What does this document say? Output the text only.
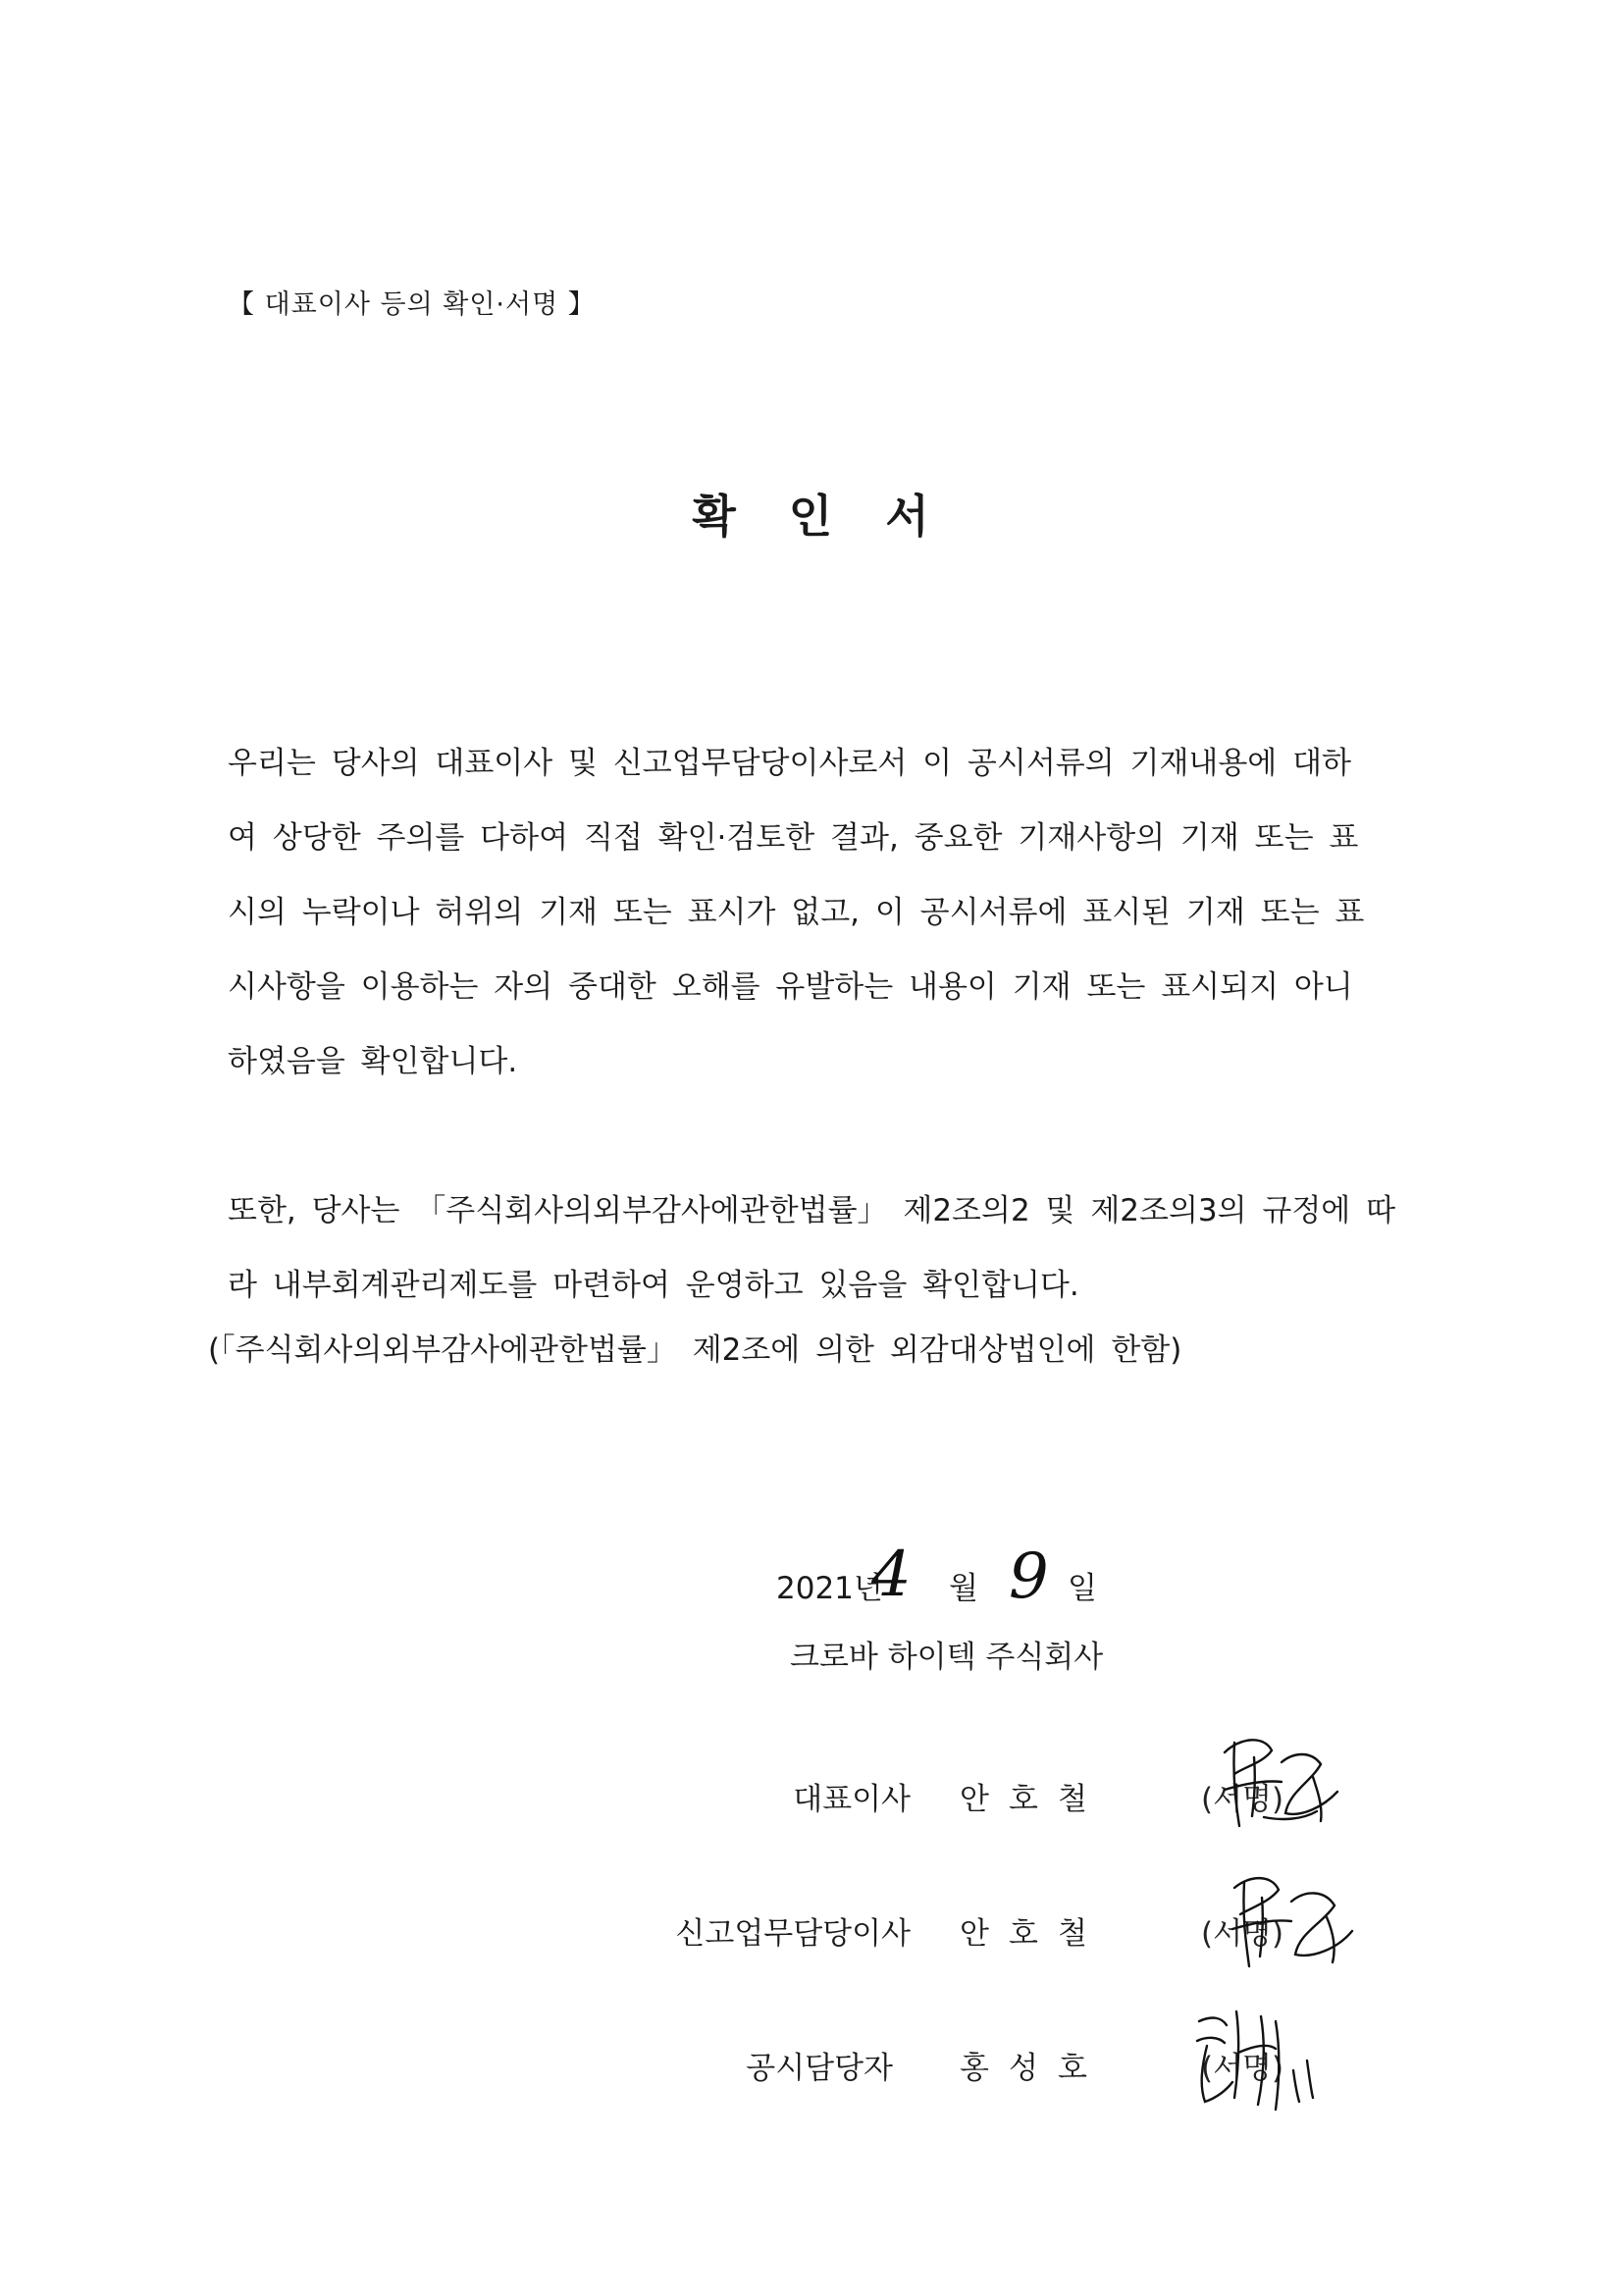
【 대표이사 등의 확인·서명 】
확 인 서
우리는 당사의 대표이사 및 신고업무담당이사로서 이 공시서류의 기재내용에 대하
여 상당한 주의를 다하여 직접 확인·검토한 결과, 중요한 기재사항의 기재 또는 표
시의 누락이나 허위의 기재 또는 표시가 없고, 이 공시서류에 표시된 기재 또는 표
시사항을 이용하는 자의 중대한 오해를 유발하는 내용이 기재 또는 표시되지 아니
하였음을 확인합니다.
또한, 당사는 「주식회사의외부감사에관한법률」 제2조의2 및 제2조의3의 규정에 따
라 내부회계관리제도를 마련하여 운영하고 있음을 확인합니다.
(「주식회사의외부감사에관한법률」 제2조에 의한 외감대상법인에 한함)
2021년
4 월 9 일
크로바 하이텍 주식회사
대표이사	안 호 철	(서명)
신고업무담당이사	안 호 철	(서명)
공시담당자	홍 성 호	(서명)
